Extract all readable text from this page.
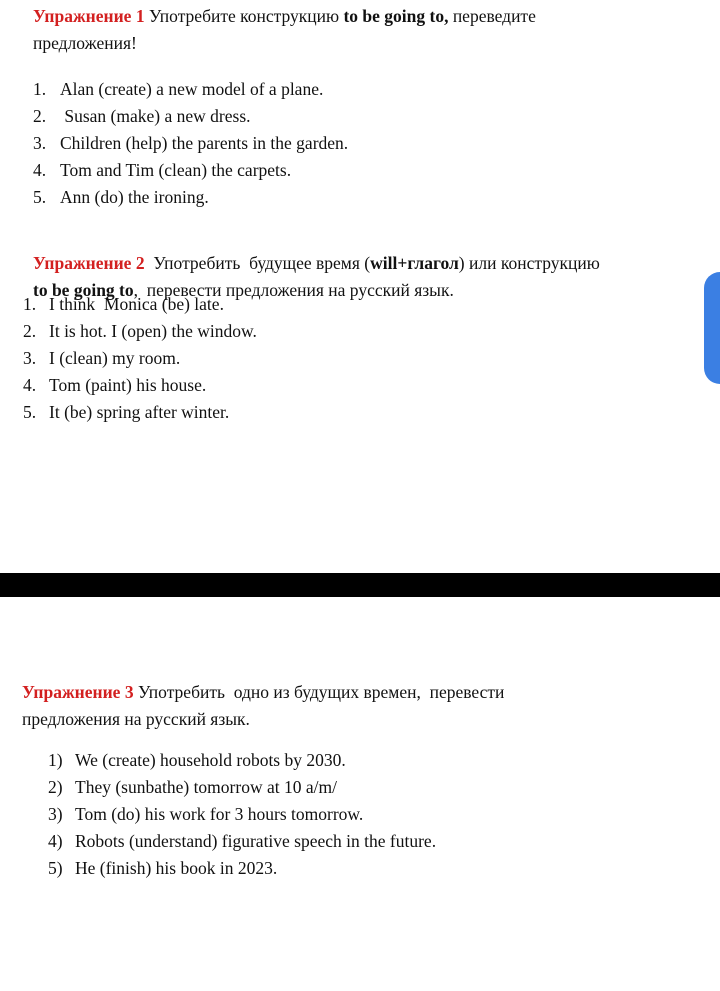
Упражнение 1 Употребите конструкцию to be going to, переведите

предложения!

1. Alan (create) a new model of a plane.
2. Susan (make) a new dress.
3. Children (help) the parents in the garden.
4. Tom and Tim (clean) the carpets.
5. Ann (do) the ironing.

Упражнение 2  Употребить  будущее время (will+глагол) или конструкцию

to be going to,  перевести предложения на русский язык.

1. I think  Monica (be) late.
2. It is hot. I (open) the window.
3. I (clean) my room.
4. Tom (paint) his house.
5. It (be) spring after winter.

Упражнение 3 Употребить  одно из будущих времен,  перевести

предложения на русский язык.

1) We (create) household robots by 2030.
2) They (sunbathe) tomorrow at 10 a/m/
3) Tom (do) his work for 3 hours tomorrow.
4) Robots (understand) figurative speech in the future.
5) He (finish) his book in 2023.
